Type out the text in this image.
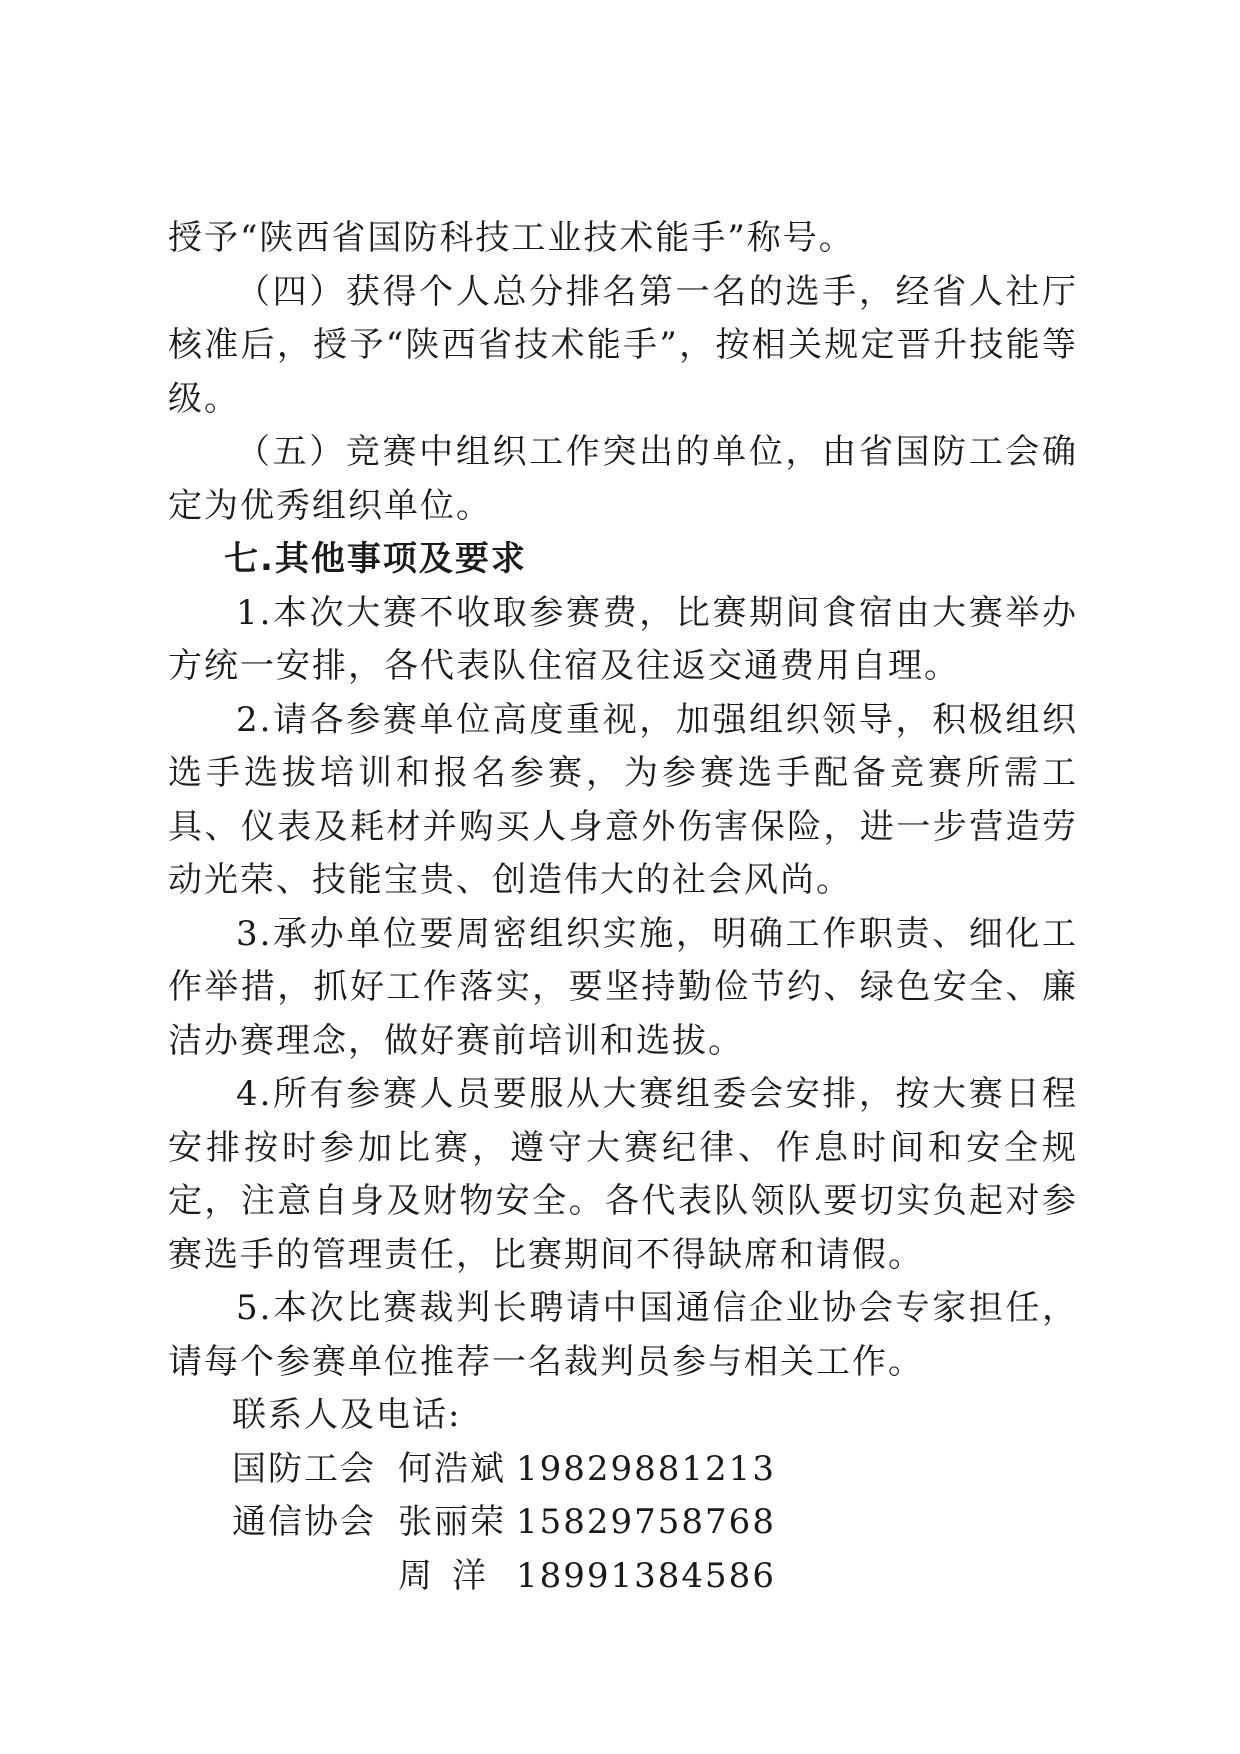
授予“陕西省国防科技工业技术能手”称号。

（四）获得个人总分排名第一名的选手，经省人社厅核准后，授予“陕西省技术能手”，按相关规定晋升技能等级。

（五）竞赛中组织工作突出的单位，由省国防工会确定为优秀组织单位。

七.其他事项及要求

1.本次大赛不收取参赛费，比赛期间食宿由大赛举办方统一安排，各代表队住宿及往返交通费用自理。

2.请各参赛单位高度重视，加强组织领导，积极组织选手选拔培训和报名参赛，为参赛选手配备竞赛所需工具、仪表及耗材并购买人身意外伤害保险，进一步营造劳动光荣、技能宝贵、创造伟大的社会风尚。

3.承办单位要周密组织实施，明确工作职责、细化工作举措，抓好工作落实，要坚持勤俭节约、绿色安全、廉洁办赛理念，做好赛前培训和选拔。

4.所有参赛人员要服从大赛组委会安排，按大赛日程安排按时参加比赛，遵守大赛纪律、作息时间和安全规定，注意自身及财物安全。各代表队领队要切实负起对参赛选手的管理责任，比赛期间不得缺席和请假。

5.本次比赛裁判长聘请中国通信企业协会专家担任，请每个参赛单位推荐一名裁判员参与相关工作。

联系人及电话:

国防工会 何浩斌 19829881213
通信协会 张丽荣 15829758768
周洋 18991384586
